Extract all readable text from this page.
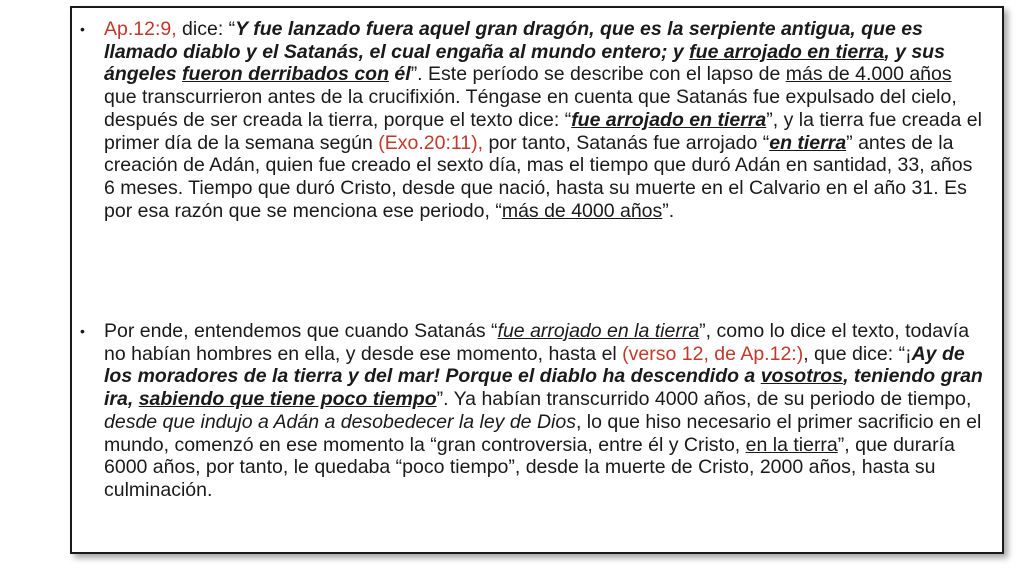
• Ap.12:9, dice: “Y fue lanzado fuera aquel gran dragón, que es la serpiente antigua, que es llamado diablo y el Satanás, el cual engaña al mundo entero; y fue arrojado en tierra, y sus ángeles fueron derribados con él”. Este período se describe con el lapso de más de 4.000 años que transcurrieron antes de la crucifixión. Téngase en cuenta que Satanás fue expulsado del cielo, después de ser creada la tierra, porque el texto dice: “fue arrojado en tierra”, y la tierra fue creada el primer día de la semana según (Exo.20:11), por tanto, Satanás fue arrojado “en tierra” antes de la creación de Adán, quien fue creado el sexto día, mas el tiempo que duró Adán en santidad, 33, años 6 meses. Tiempo que duró Cristo, desde que nació, hasta su muerte en el Calvario en el año 31. Es por esa razón que se menciona ese periodo, “más de 4000 años”.
• Por ende, entendemos que cuando Satanás “fue arrojado en la tierra”, como lo dice el texto, todavía no habían hombres en ella, y desde ese momento, hasta el (verso 12, de Ap.12:), que dice: “¡Ay de los moradores de la tierra y del mar! Porque el diablo ha descendido a vosotros, teniendo gran ira, sabiendo que tiene poco tiempo”. Ya habían transcurrido 4000 años, de su periodo de tiempo, desde que indujo a Adán a desobedecer la ley de Dios, lo que hiso necesario el primer sacrificio en el mundo, comenzó en ese momento la “gran controversia, entre él y Cristo, en la tierra”, que duraría 6000 años, por tanto, le quedaba “poco tiempo”, desde la muerte de Cristo, 2000 años, hasta su culminación.
